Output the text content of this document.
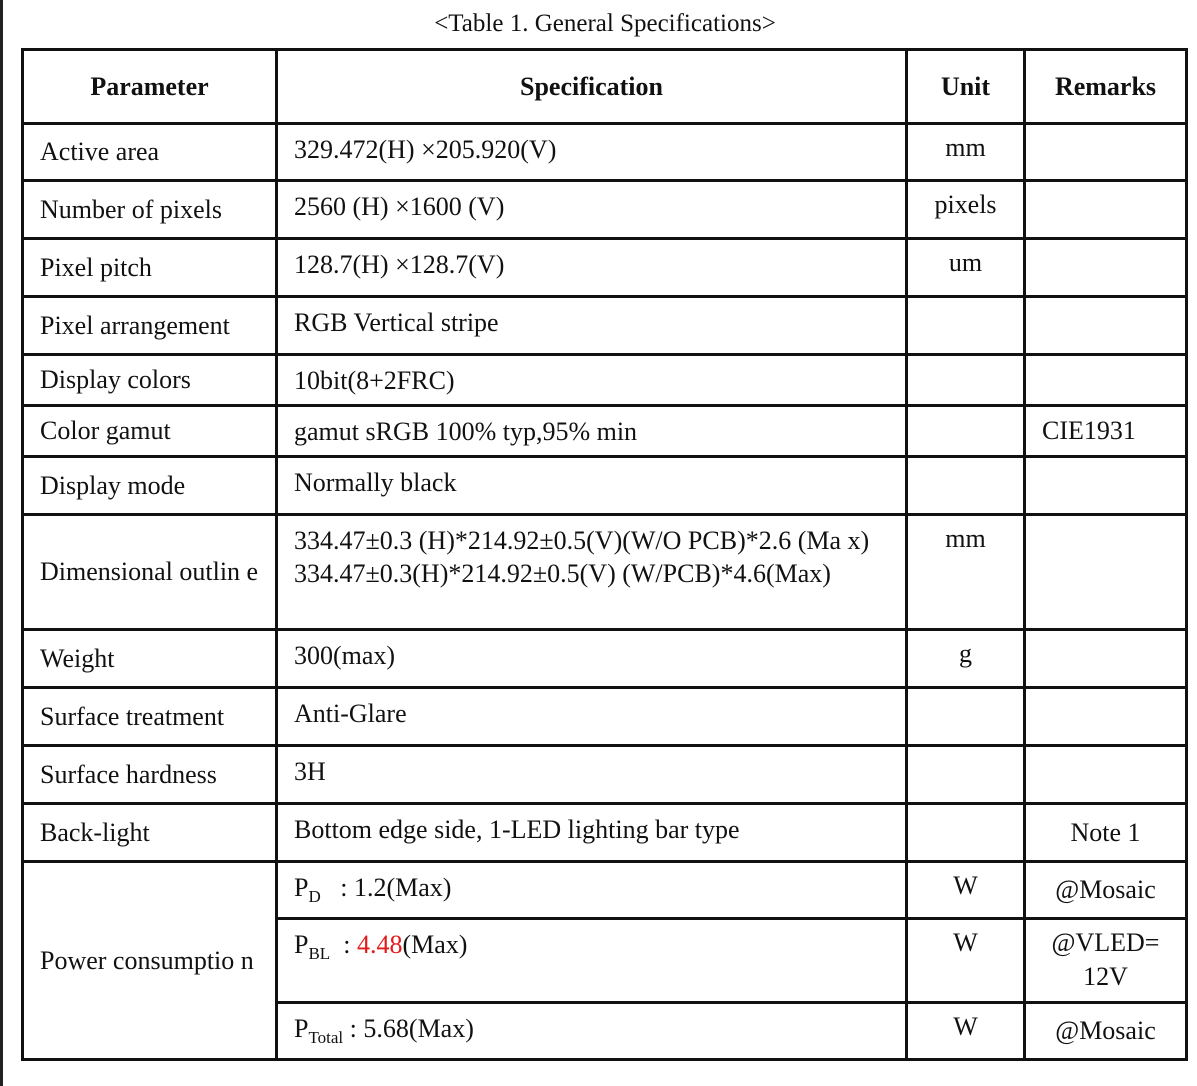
<Table 1. General Specifications>
Parameter	Specification	Unit	Remarks
Active area	329.472(H) ×205.920(V)	mm	
Number of pixels	2560 (H) ×1600 (V)	pixels	
Pixel pitch	128.7(H) ×128.7(V)	um	
Pixel arrangement	RGB Vertical stripe		
Display colors	10bit(8+2FRC)		
Color gamut	gamut sRGB 100% typ,95% min		CIE1931
Display mode	Normally black		
Dimensional outlin e	334.47±0.3 (H)*214.92±0.5(V)(W/O PCB)*2.6 (Ma x)
334.47±0.3(H)*214.92±0.5(V) (W/PCB)*4.6(Max)	mm	
Weight	300(max)	g	
Surface treatment	Anti-Glare		
Surface hardness	3H		
Back-light	Bottom edge side, 1-LED lighting bar type		Note 1
Power consumptio n	$P_D$   : 1.2(Max)	W	@Mosaic
	$P_{BL}$  : 4.48(Max)	W	@VLED= 12V
	$P_{Total}$ : 5.68(Max)	W	@Mosaic
